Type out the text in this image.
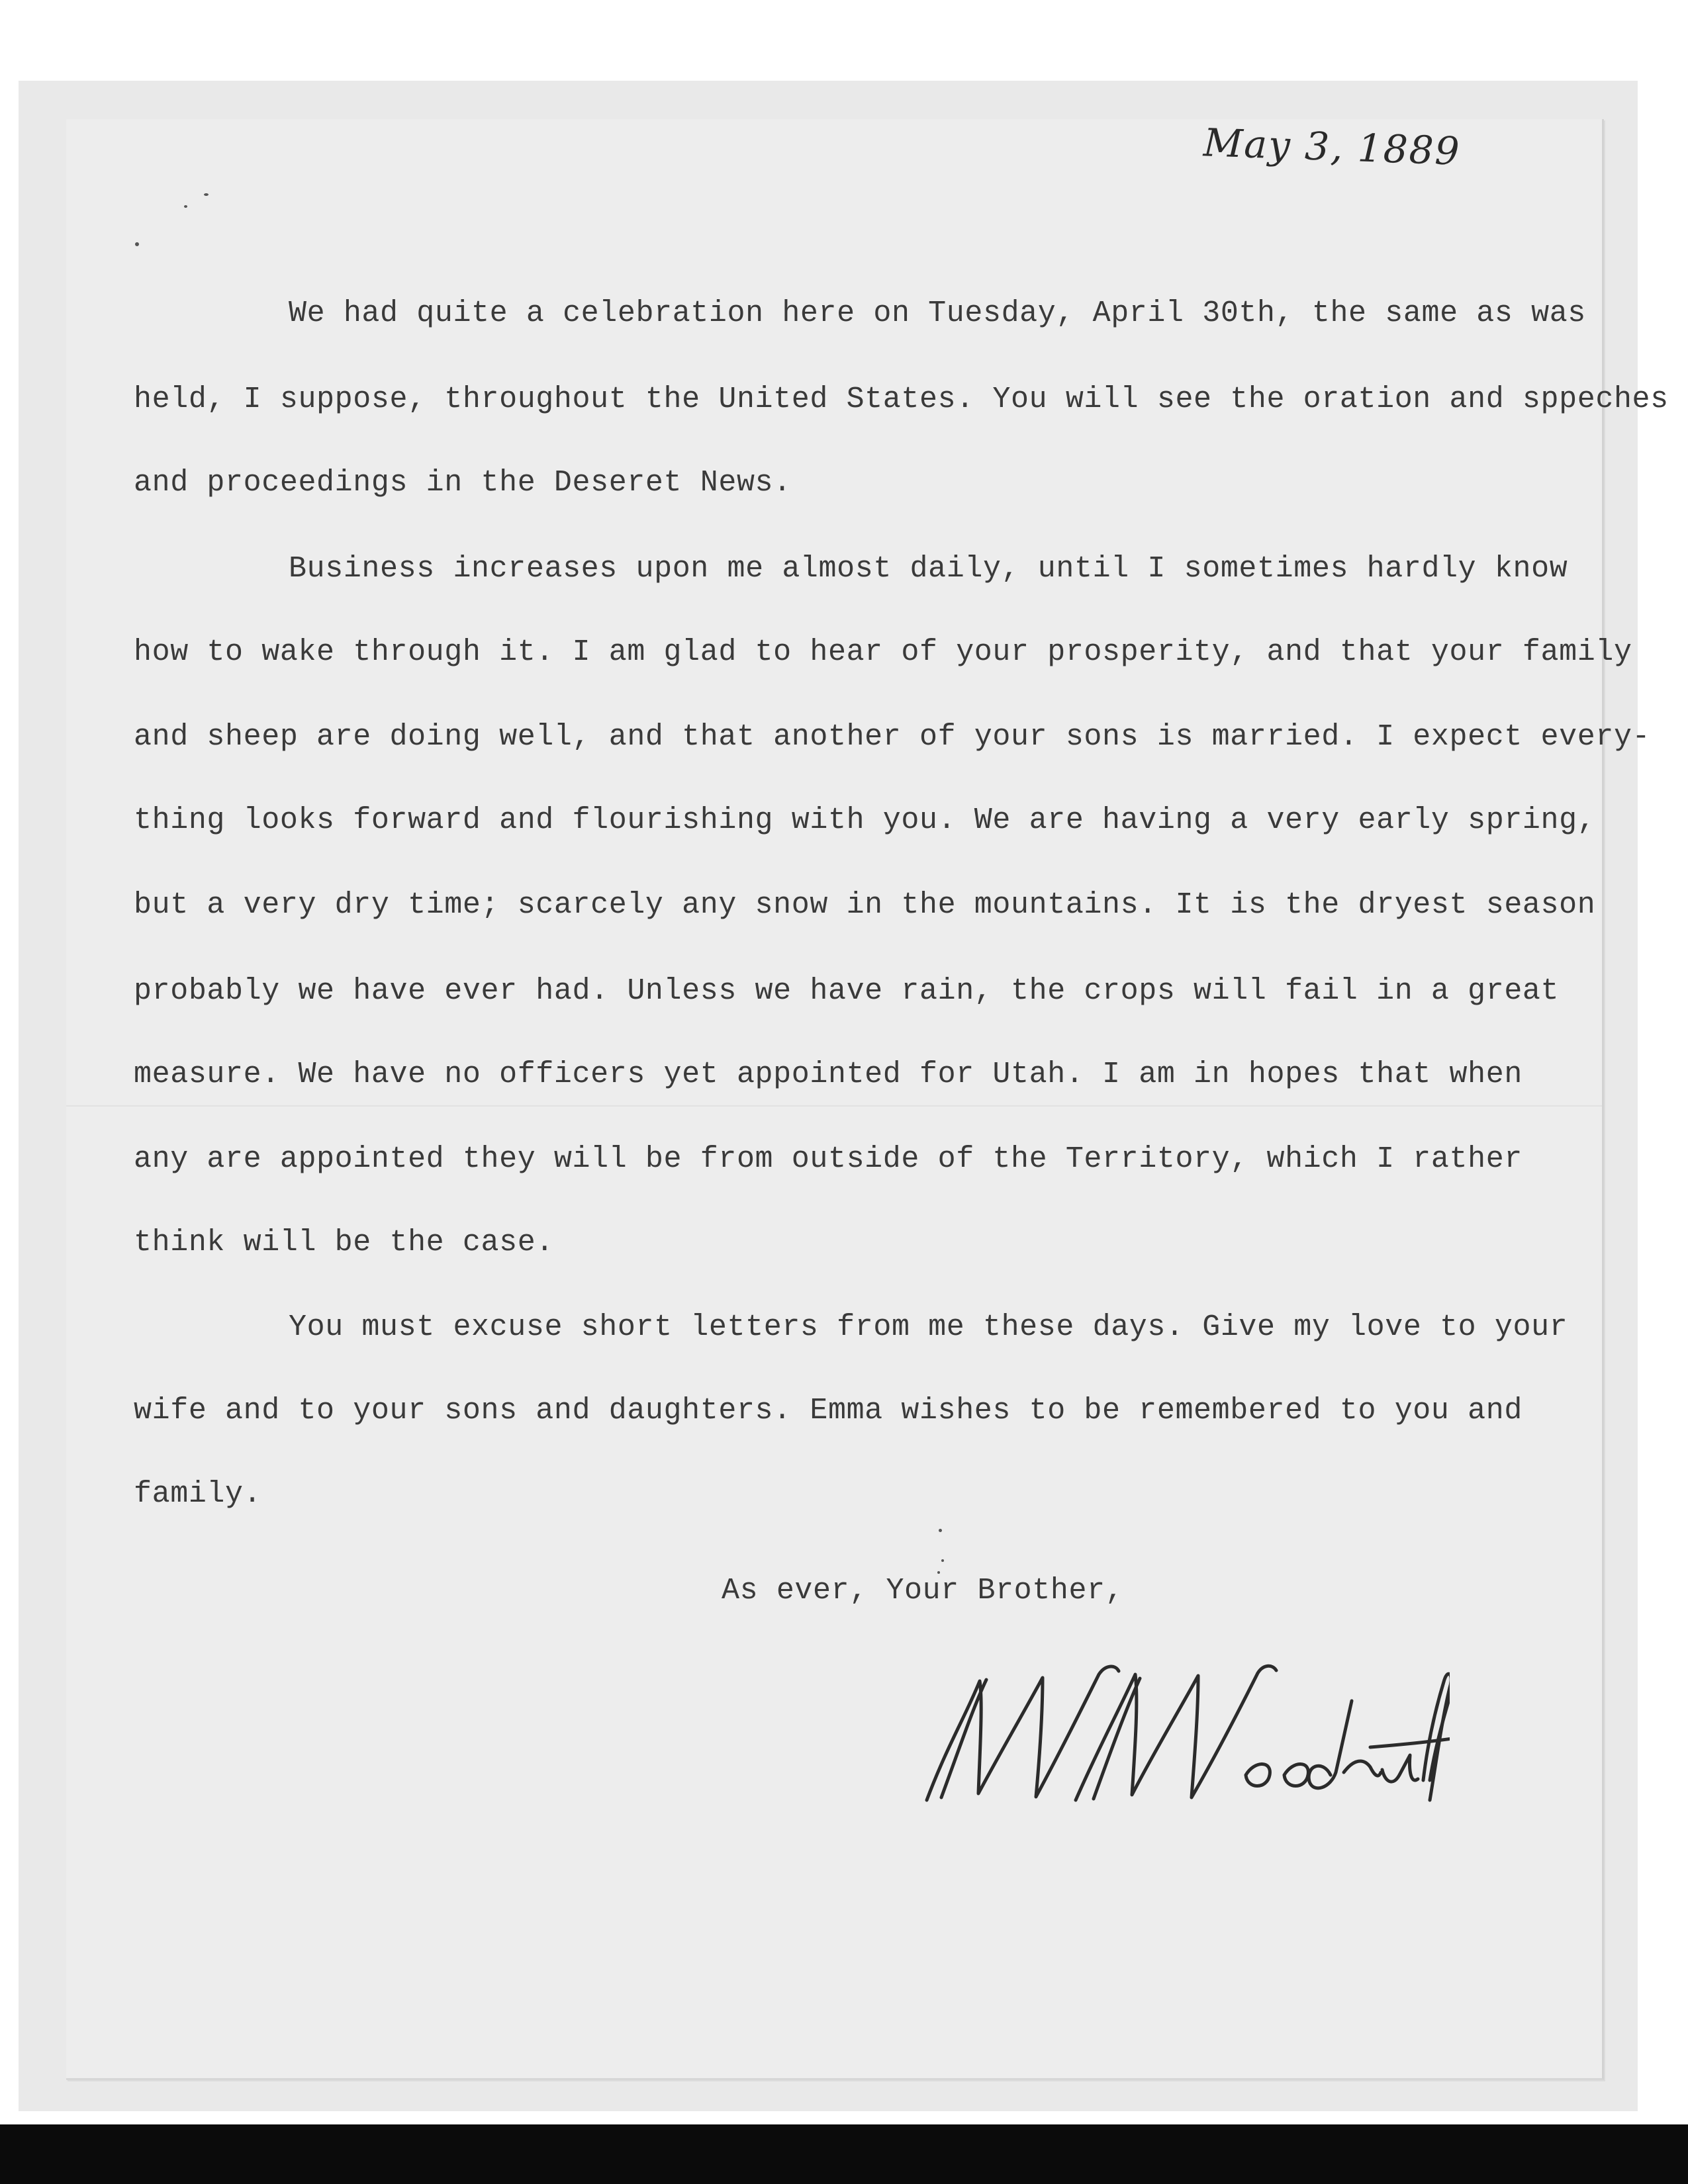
May 3, 1889

We had quite a celebration here on Tuesday, April 30th, the same as was

held, I suppose, throughout the United States. You will see the oration and sppeches

and proceedings in the Deseret News.

Business increases upon me almost daily, until I sometimes hardly know

how to wake through it. I am glad to hear of your prosperity, and that your family

and sheep are doing well, and that another of your sons is married. I expect every-

thing looks forward and flourishing with you. We are having a very early spring,

but a very dry time; scarcely any snow in the mountains. It is the dryest season

probably we have ever had. Unless we have rain, the crops will fail in a great

measure. We have no officers yet appointed for Utah. I am in hopes that when

any are appointed they will be from outside of the Territory, which I rather

think will be the case.

You must excuse short letters from me these days. Give my love to your

wife and to your sons and daughters. Emma wishes to be remembered to you and

family.

As ever, Your Brother,
